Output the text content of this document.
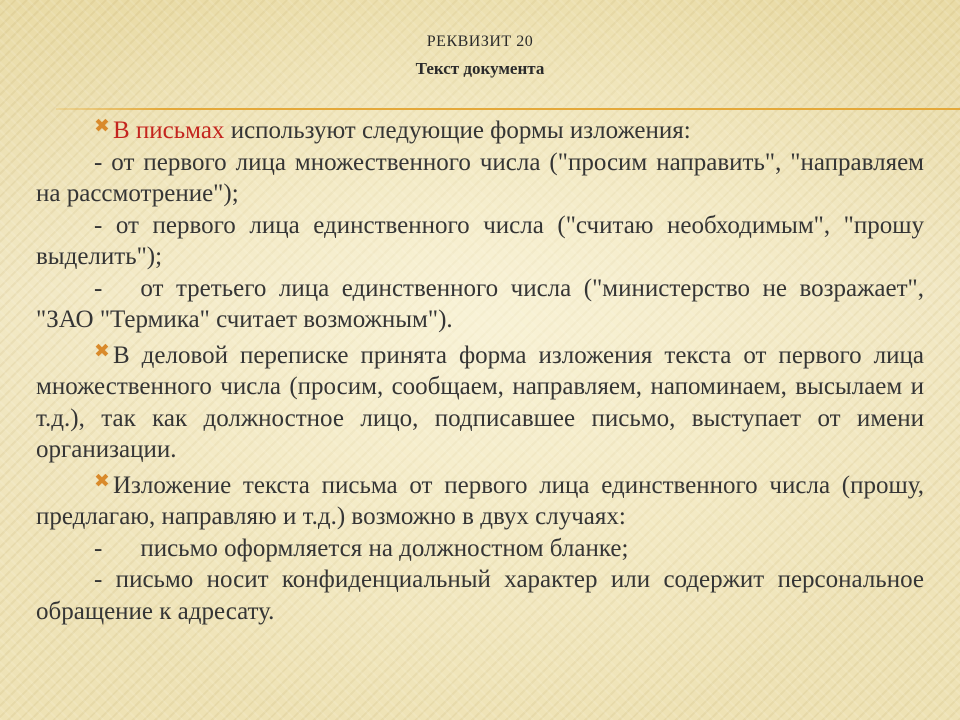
РЕКВИЗИТ 20
Текст документа

✖ В письмах используют следующие формы изложения:

- от первого лица множественного числа ("просим направить", "направляем на рассмотрение");

- от первого лица единственного числа ("считаю необходимым", "прошу выделить");

- от третьего лица единственного числа ("министерство не возражает", "ЗАО "Термика" считает возможным").

✖ В деловой переписке принята форма изложения текста от первого лица множественного числа (просим, сообщаем, направляем, напоминаем, высылаем и т.д.), так как должностное лицо, подписавшее письмо, выступает от имени организации.

✖ Изложение текста письма от первого лица единственного числа (прошу, предлагаю, направляю и т.д.) возможно в двух случаях:

- письмо оформляется на должностном бланке;

- письмо носит конфиденциальный характер или содержит персональное обращение к адресату.
